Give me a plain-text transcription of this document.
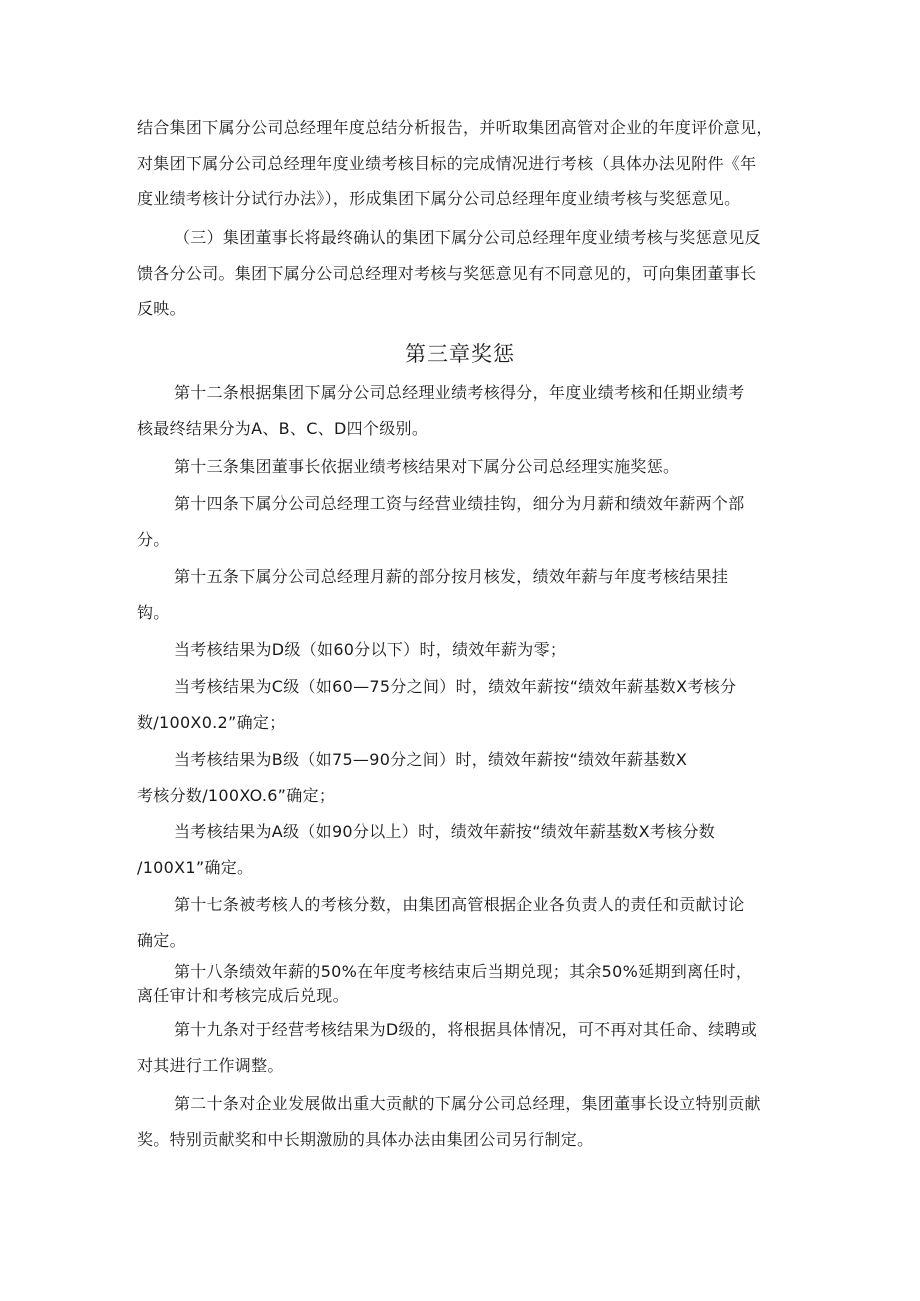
结合集团下属分公司总经理年度总结分析报告，并听取集团高管对企业的年度评价意见，
对集团下属分公司总经理年度业绩考核目标的完成情况进行考核（具体办法见附件《年
度业绩考核计分试行办法》），形成集团下属分公司总经理年度业绩考核与奖惩意见。
（三）集团董事长将最终确认的集团下属分公司总经理年度业绩考核与奖惩意见反
馈各分公司。集团下属分公司总经理对考核与奖惩意见有不同意见的，可向集团董事长
反映。
第三章奖惩
第十二条根据集团下属分公司总经理业绩考核得分，年度业绩考核和任期业绩考
核最终结果分为A、B、C、D四个级别。
第十三条集团董事长依据业绩考核结果对下属分公司总经理实施奖惩。
第十四条下属分公司总经理工资与经营业绩挂钩，细分为月薪和绩效年薪两个部
分。
第十五条下属分公司总经理月薪的部分按月核发，绩效年薪与年度考核结果挂
钩。
当考核结果为D级（如60分以下）时，绩效年薪为零；
当考核结果为C级（如60—75分之间）时，绩效年薪按“绩效年薪基数X考核分
数/100X0.2”确定；
当考核结果为B级（如75—90分之间）时，绩效年薪按“绩效年薪基数X
考核分数/100XO.6”确定；
当考核结果为A级（如90分以上）时，绩效年薪按“绩效年薪基数X考核分数
/100X1”确定。
第十七条被考核人的考核分数，由集团高管根据企业各负责人的责任和贡献讨论
确定。
第十八条绩效年薪的50%在年度考核结束后当期兑现；其余50%延期到离任时，
离任审计和考核完成后兑现。
第十九条对于经营考核结果为D级的，将根据具体情况，可不再对其任命、续聘或
对其进行工作调整。
第二十条对企业发展做出重大贡献的下属分公司总经理，集团董事长设立特别贡献
奖。特别贡献奖和中长期激励的具体办法由集团公司另行制定。
